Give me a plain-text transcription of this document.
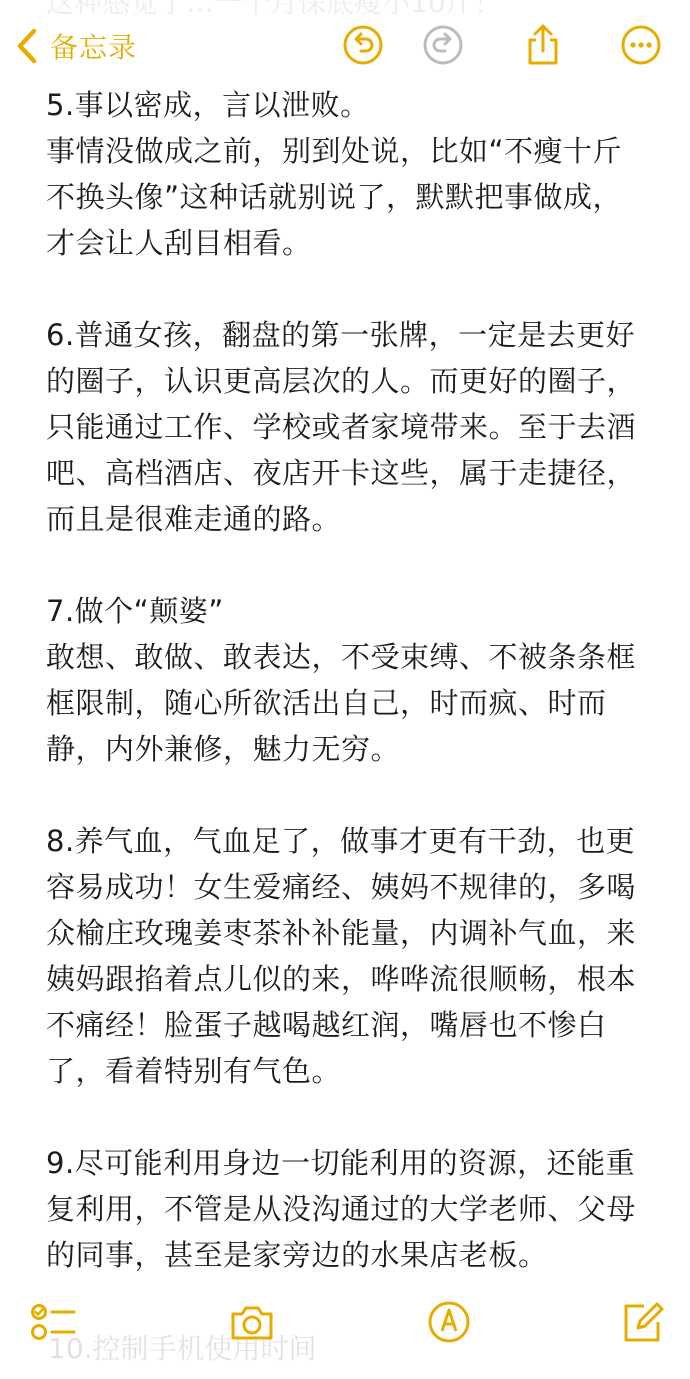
备忘录

5.事以密成，言以泄败。

事情没做成之前，别到处说，比如“不瘦十斤不换头像”这种话就别说了，默默把事做成，才会让人刮目相看。

6.普通女孩，翻盘的第一张牌，一定是去更好的圈子，认识更高层次的人。而更好的圈子，只能通过工作、学校或者家境带来。至于去酒吧、高档酒店、夜店开卡这些，属于走捷径，而且是很难走通的路。

7.做个“颠婆”

敢想、敢做、敢表达，不受束缚、不被条条框框限制，随心所欲活出自己，时而疯、时而静，内外兼修，魅力无穷。

8.养气血，气血足了，做事才更有干劲，也更容易成功！女生爱痛经、姨妈不规律的，多喝众榆庄玫瑰姜枣茶补补能量，内调补气血，来姨妈跟掐着点儿似的来，哗哗流很顺畅，根本不痛经！脸蛋子越喝越红润，嘴唇也不惨白了，看着特别有气色。

9.尽可能利用身边一切能利用的资源，还能重复利用，不管是从没沟通过的大学老师、父母的同事，甚至是家旁边的水果店老板。
